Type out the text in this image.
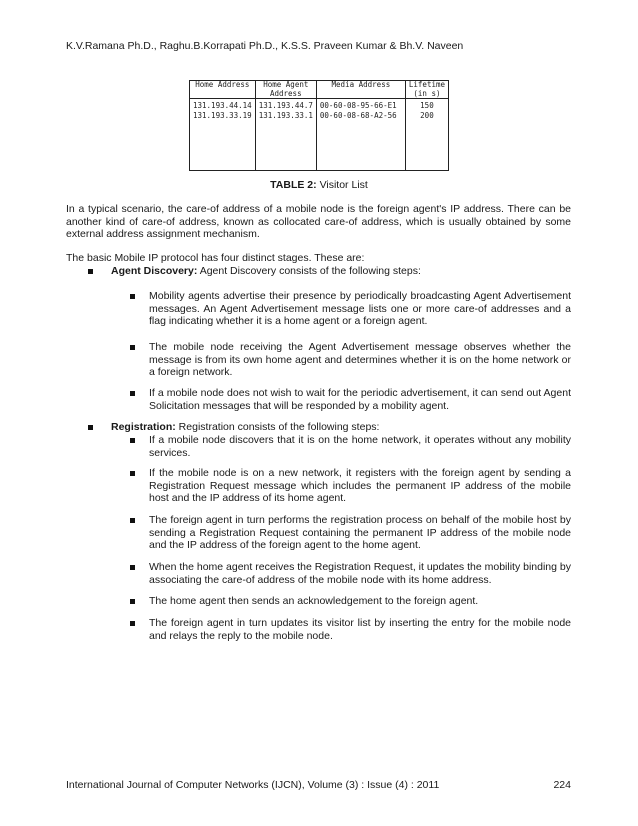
K.V.Ramana Ph.D., Raghu.B.Korrapati Ph.D., K.S.S. Praveen Kumar & Bh.V. Naveen
Home Address	Home Agent Address	Media Address	Lifetime (in s)
131.193.44.14	131.193.44.7	00-60-08-95-66-E1	150
131.193.33.19	131.193.33.1	00-60-08-68-A2-56	200

TABLE 2: Visitor List
In a typical scenario, the care-of address of a mobile node is the foreign agent's IP address. There can be another kind of care-of address, known as collocated care-of address, which is usually obtained by some external address assignment mechanism.
The basic Mobile IP protocol has four distinct stages. These are:
Agent Discovery: Agent Discovery consists of the following steps:
Mobility agents advertise their presence by periodically broadcasting Agent Advertisement messages. An Agent Advertisement message lists one or more care-of addresses and a flag indicating whether it is a home agent or a foreign agent.
The mobile node receiving the Agent Advertisement message observes whether the message is from its own home agent and determines whether it is on the home network or a foreign network.
If a mobile node does not wish to wait for the periodic advertisement, it can send out Agent Solicitation messages that will be responded by a mobility agent.
Registration: Registration consists of the following steps:
If a mobile node discovers that it is on the home network, it operates without any mobility services.
If the mobile node is on a new network, it registers with the foreign agent by sending a Registration Request message which includes the permanent IP address of the mobile host and the IP address of its home agent.
The foreign agent in turn performs the registration process on behalf of the mobile host by sending a Registration Request containing the permanent IP address of the mobile node and the IP address of the foreign agent to the home agent.
When the home agent receives the Registration Request, it updates the mobility binding by associating the care-of address of the mobile node with its home address.
The home agent then sends an acknowledgement to the foreign agent.
The foreign agent in turn updates its visitor list by inserting the entry for the mobile node and relays the reply to the mobile node.
International Journal of Computer Networks (IJCN), Volume (3) : Issue (4) : 2011	224
